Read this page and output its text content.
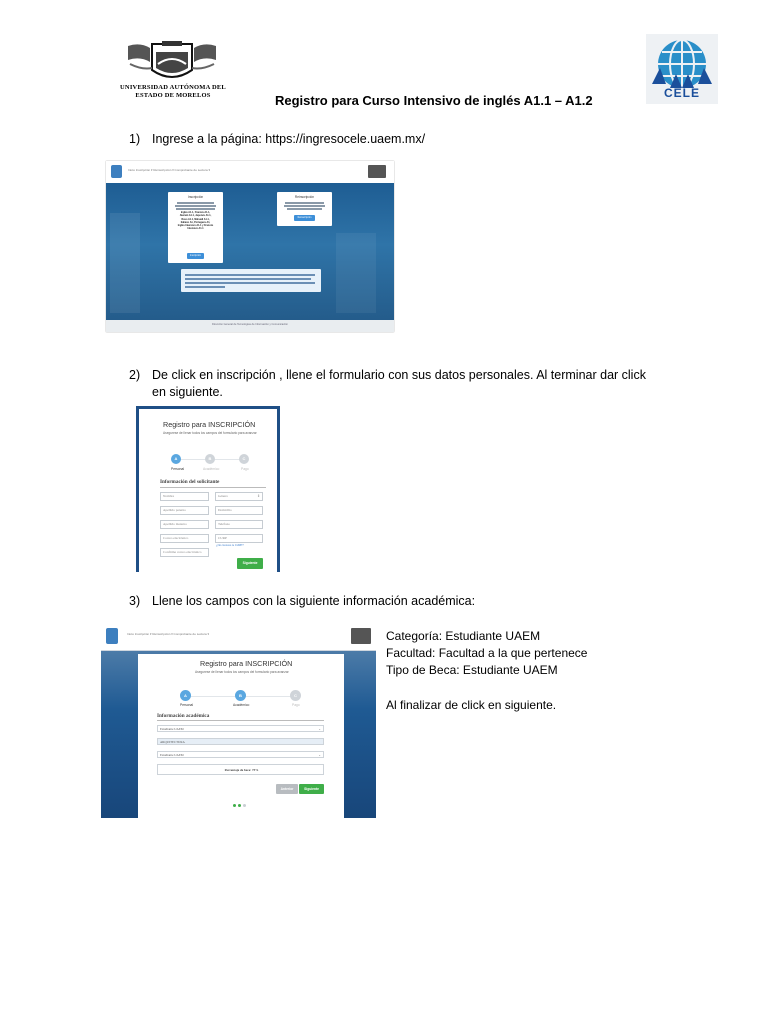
UNIVERSIDAD AUTÓNOMA DEL ESTADO DE MORELOS	CELE
Registro para Curso Intensivo de inglés A1.1 – A1.2
1) Ingrese a la página: https://ingresocele.uaem.mx/
Inicio Inscripción ▾ Reinscripción ▾ Comprobante de Lectura ▾
Inscripción
Inglés A1.1, Francés A1.1,
Alemán A1.1, Japonés A1.1,
Ruso A1.1, Náhuatl A1.1,
Italiano A1, Portugués A1,
Inglés Intensivo A1.1 y Francés
Intensivo A1.1
Inscripción
Reinscripción
Reinscripción
Dirección General de Tecnologías de Información y Comunicación
2) De click en inscripción , llene el formulario con sus datos personales. Al terminar dar click
en siguiente.
Registro para INSCRIPCIÓN
Asegurese de llenar todos los campos del formulario para avanzar
A	B	C
Personal	Académico	Pago
Información del solicitante
Nombre	Género	⇕
Apellido paterno	Domicilio
Apellido materno	Teléfono
Correo electrónico	CURP
¿No conoces tu CURP?
Confirma correo electrónico
Siguiente
3) Llene los campos con la siguiente información académica:
Inicio Inscripción ▾ Reinscripción ▾ Comprobante de Lectura ▾
Registro para INSCRIPCIÓN
Asegurese de llenar todos los campos del formulario para avanzar
A	B	C
Personal	Académico	Pago
Información académica
Estudiante UAEM	⌄
ARQUITECTURA
Estudiante UAEM	⌄
Porcentaje de beca: 75%
Anterior	Siguiente
Categoría: Estudiante UAEM
Facultad: Facultad a la que pertenece
Tipo de Beca: Estudiante UAEM
Al finalizar de click en siguiente.
